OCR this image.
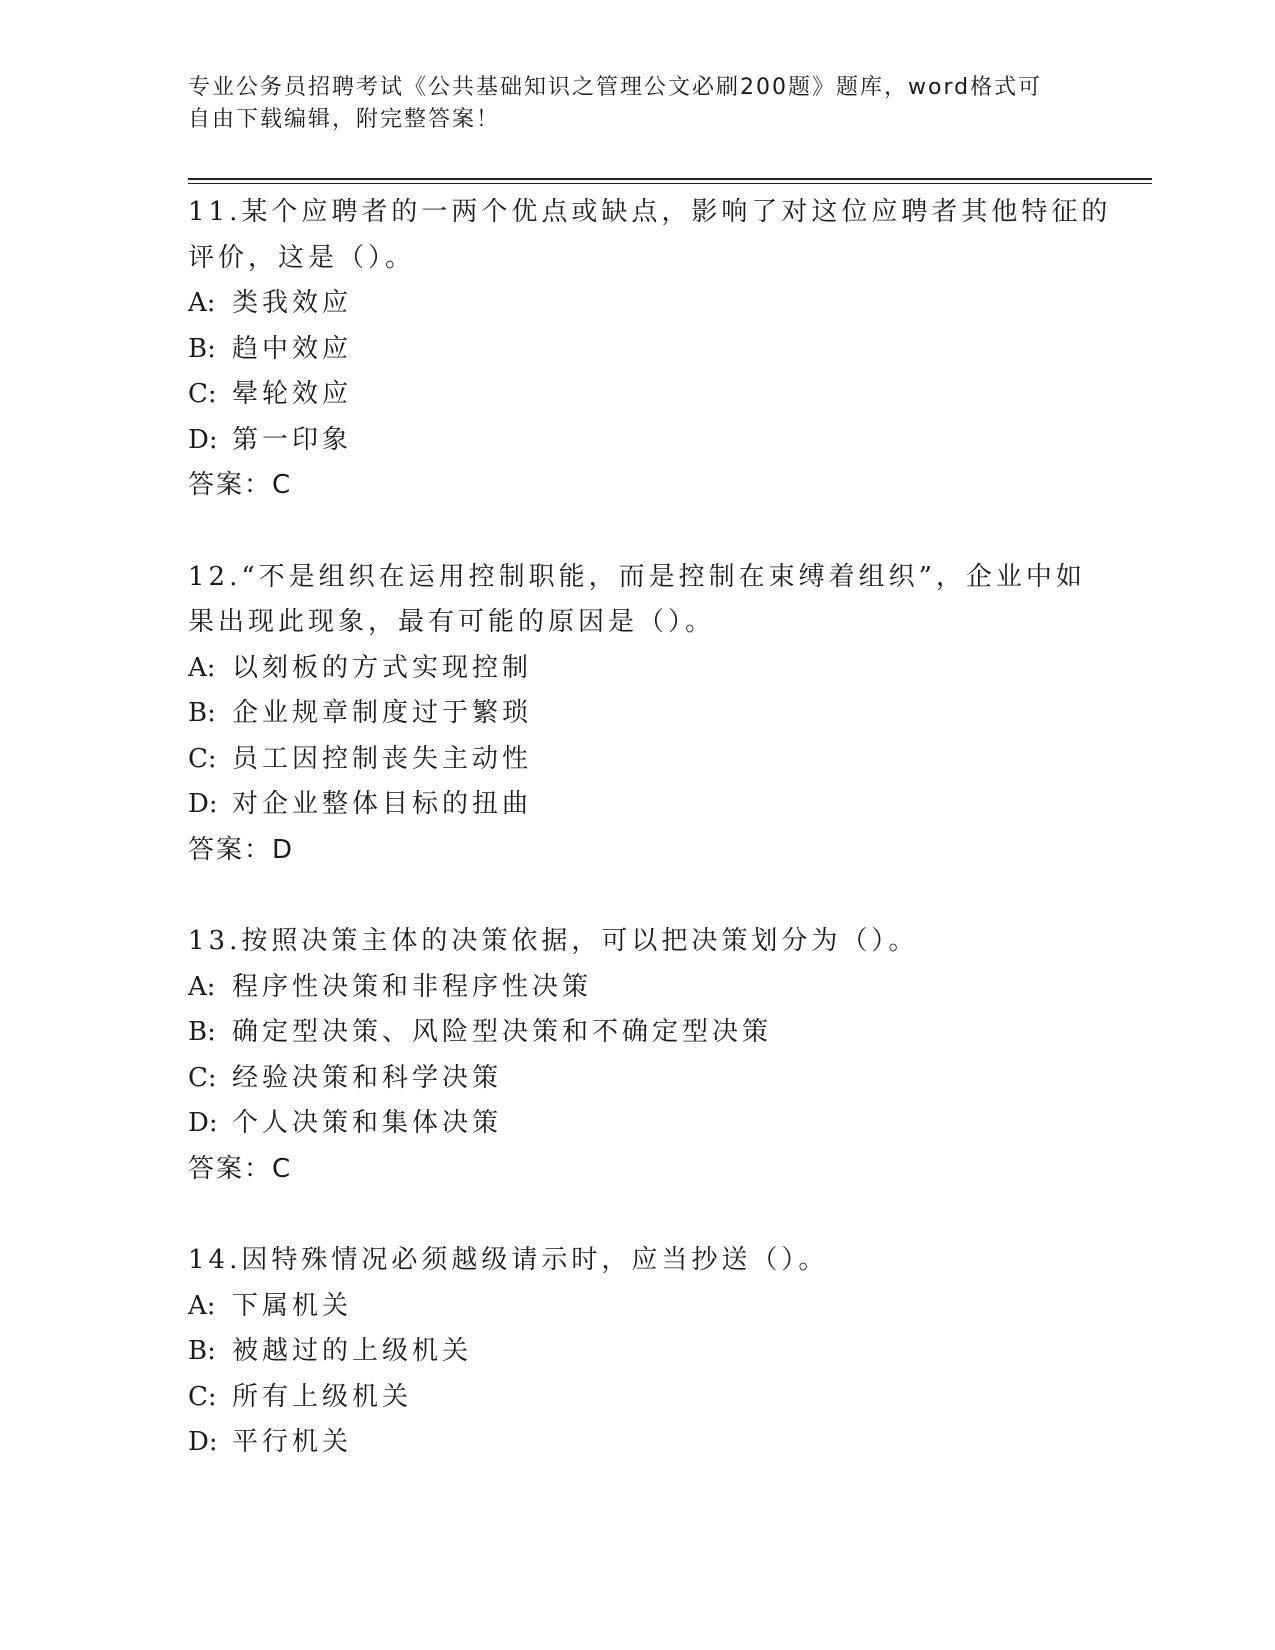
专业公务员招聘考试《公共基础知识之管理公文必刷200题》题库，word格式可
自由下载编辑，附完整答案！
11.某个应聘者的一两个优点或缺点，影响了对这位应聘者其他特征的
评价，这是（）。
A: 类我效应
B: 趋中效应
C: 晕轮效应
D: 第一印象
答案：C
12.“不是组织在运用控制职能，而是控制在束缚着组织”，企业中如
果出现此现象，最有可能的原因是（）。
A: 以刻板的方式实现控制
B: 企业规章制度过于繁琐
C: 员工因控制丧失主动性
D: 对企业整体目标的扭曲
答案：D
13.按照决策主体的决策依据，可以把决策划分为（）。
A: 程序性决策和非程序性决策
B: 确定型决策、风险型决策和不确定型决策
C: 经验决策和科学决策
D: 个人决策和集体决策
答案：C
14.因特殊情况必须越级请示时，应当抄送（）。
A: 下属机关
B: 被越过的上级机关
C: 所有上级机关
D: 平行机关
